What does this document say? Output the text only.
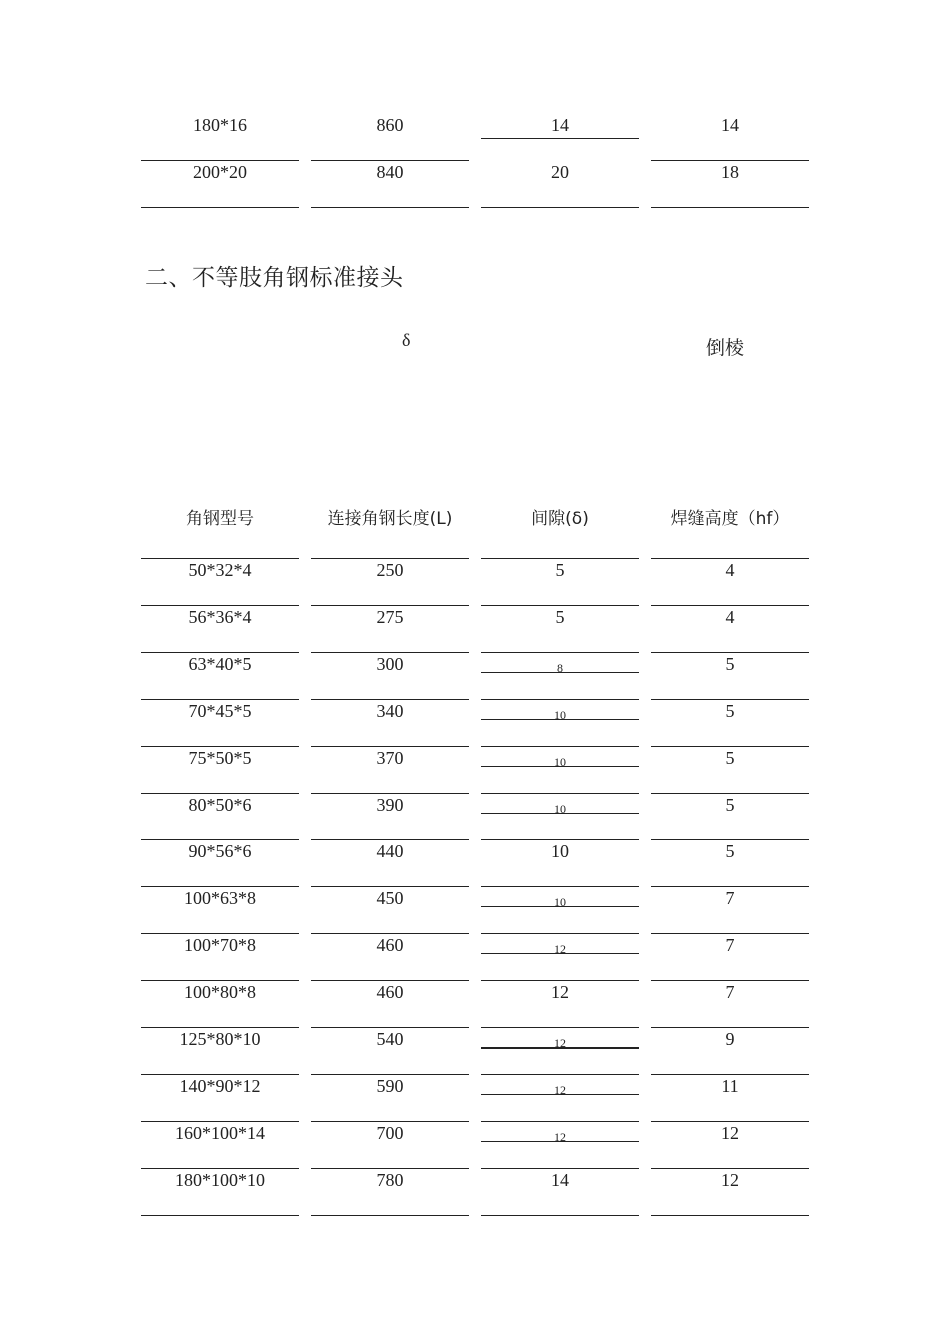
180*16	860	14	14
200*20	840	20	18
二、不等肢角钢标准接头
δ	倒棱
角钢型号	连接角钢长度(L)	间隙(δ)	焊缝高度（hf）
50*32*4	250	5	4
56*36*4	275	5	4
63*40*5	300	8	5
70*45*5	340	10	5
75*50*5	370	10	5
80*50*6	390	10	5
90*56*6	440	10	5
100*63*8	450	10	7
100*70*8	460	12	7
100*80*8	460	12	7
125*80*10	540	12	9
140*90*12	590	12	11
160*100*14	700	12	12
180*100*10	780	14	12
